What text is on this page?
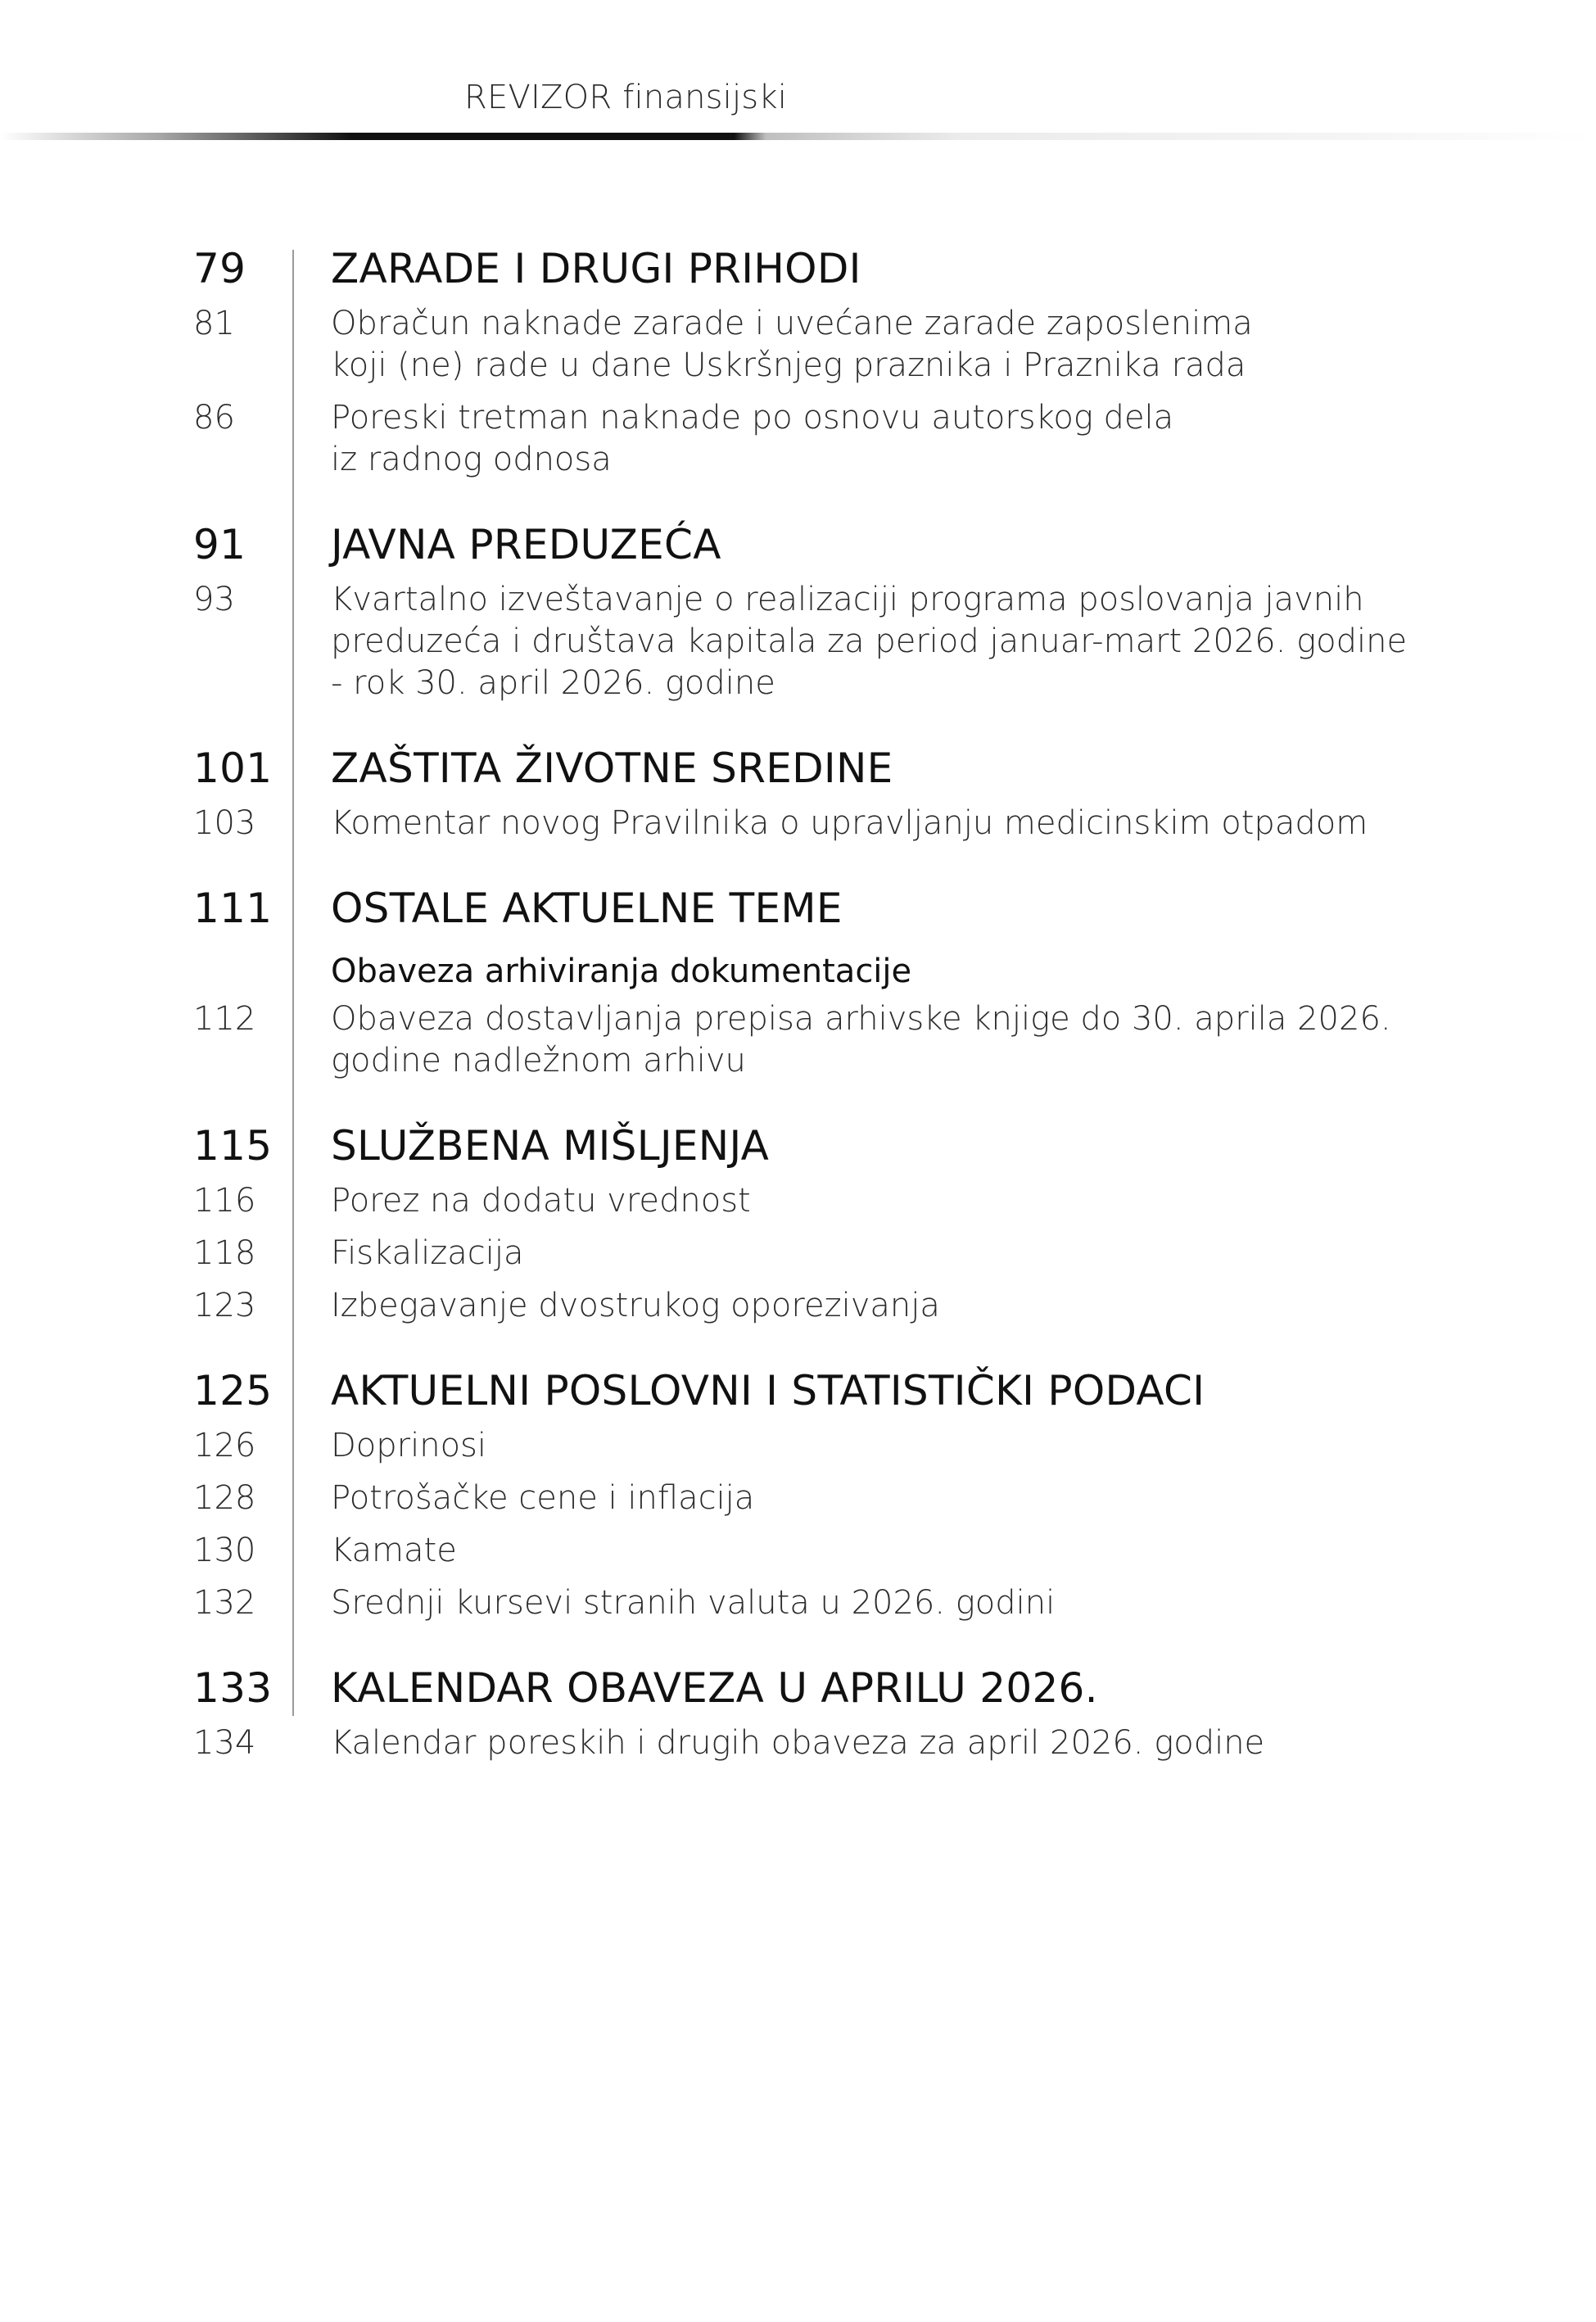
REVIZOR finansijski
79	ZARADE I DRUGI PRIHODI
81	Obračun naknade zarade i uvećane zarade zaposlenima
koji (ne) rade u dane Uskršnjeg praznika i Praznika rada
86	Poreski tretman naknade po osnovu autorskog dela
iz radnog odnosa
91	JAVNA PREDUZEĆA
93	Kvartalno izveštavanje o realizaciji programa poslovanja javnih
preduzeća i društava kapitala za period januar-mart 2026. godine
- rok 30. april 2026. godine
101	ZAŠTITA ŽIVOTNE SREDINE
103	Komentar novog Pravilnika o upravljanju medicinskim otpadom
111	OSTALE AKTUELNE TEME
Obaveza arhiviranja dokumentacije
112	Obaveza dostavljanja prepisa arhivske knjige do 30. aprila 2026.
godine nadležnom arhivu
115	SLUŽBENA MIŠLJENJA
116	Porez na dodatu vrednost
118	Fiskalizacija
123	Izbegavanje dvostrukog oporezivanja
125	AKTUELNI POSLOVNI I STATISTIČKI PODACI
126	Doprinosi
128	Potrošačke cene i inflacija
130	Kamate
132	Srednji kursevi stranih valuta u 2026. godini
133	KALENDAR OBAVEZA U APRILU 2026.
134	Kalendar poreskih i drugih obaveza za april 2026. godine
